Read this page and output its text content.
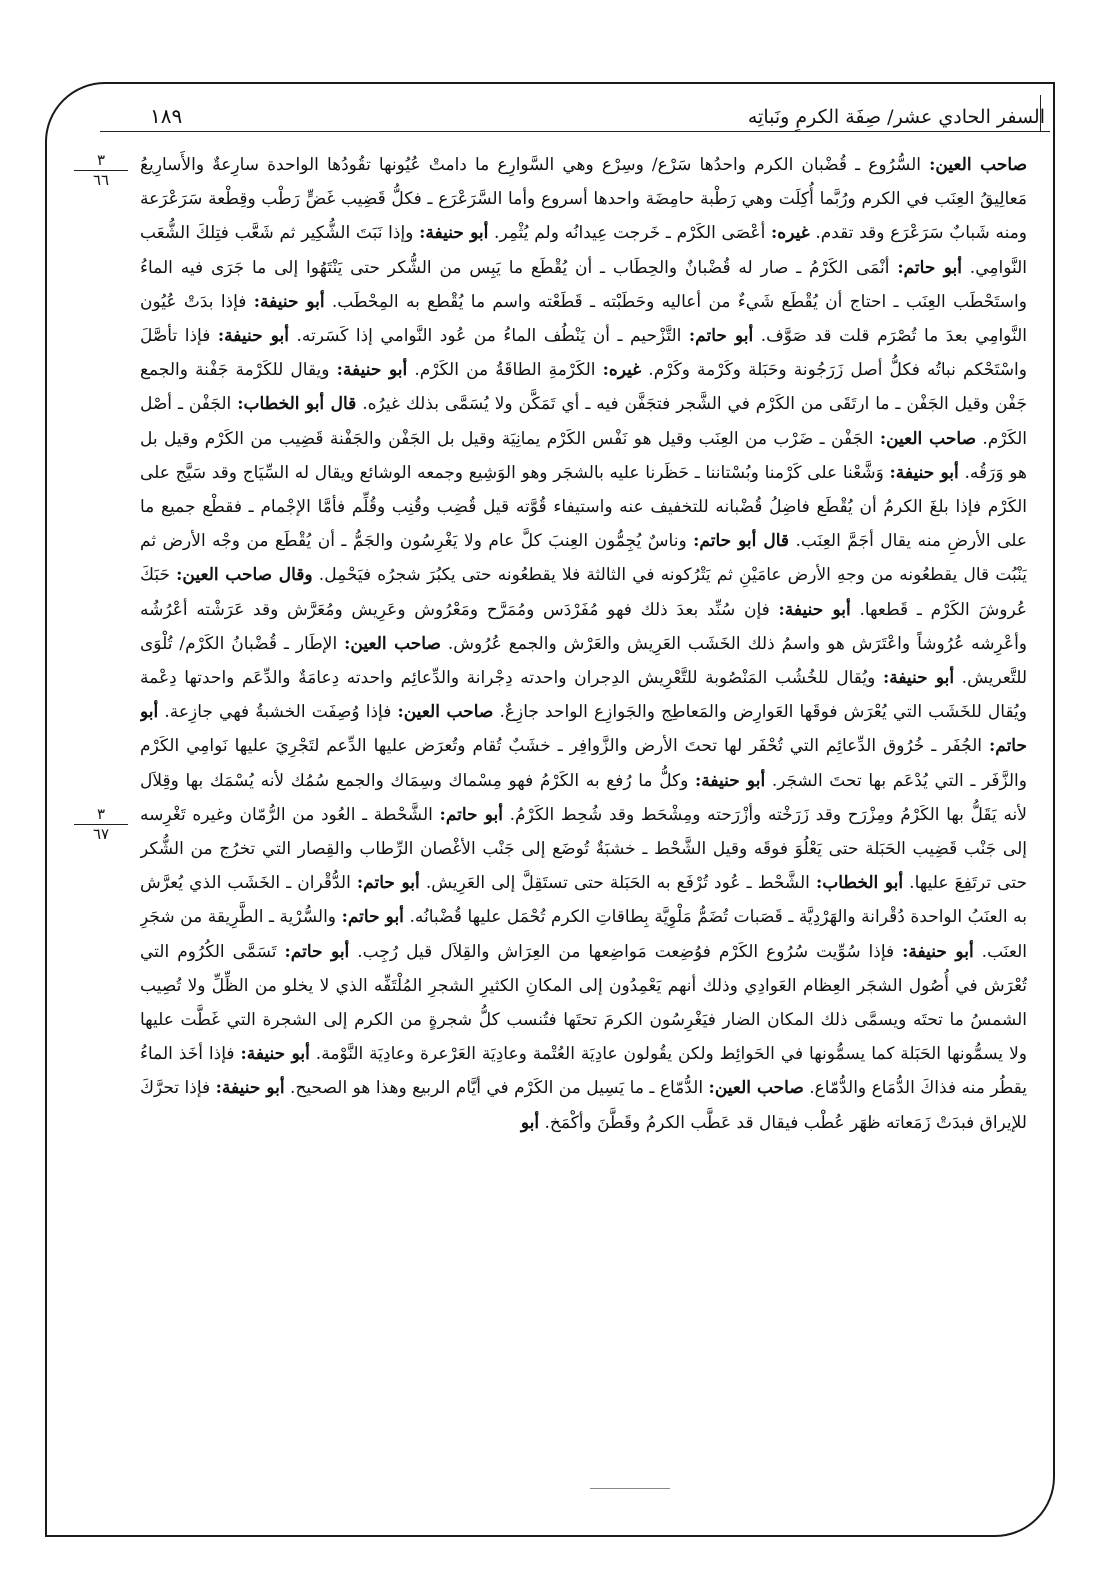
١٨٩	السفر الحادي عشر/ صِفَة الكرمِ ونَباتِه
٣
٦٦
٣
٦٧

صاحب العين: السُّرُوع ـ قُضْبان الكرم واحدُها سَرْع/ وسِرْع وهي السَّوارِع ما دامتْ عُيُونها تقُودُها الواحدة سارِعةٌ والأَسارِيعُ مَعالِيقُ العِنَب في الكرم ورُبَّما أُكِلَت وهي رَطْبة حامِضَة واحدها أسروع وأما السَّرَعْرَع ـ فكلُّ قَضِيب غَضٍّ رَطْب وقِطْعة سَرَعْرَعة ومنه شَبابٌ سَرَعْرَع وقد تقدم. غيره: أعْصَى الكَرْم ـ خَرجت عِيدانُه ولم يُثْمِر. أبو حنيفة: وإذا نَبَتَ الشُّكِير ثم شَعَّب فتِلكَ الشُّعَب النَّوامِي. أبو حاتم: أنْمَى الكَرْمُ ـ صار له قُضْبانٌ والحِطَاب ـ أن يُقْطَع ما يَبِس من الشُّكر حتى يَنْتَهُوا إلى ما جَرَى فيه الماءُ واستَحْطَب العِنَب ـ احتاج أن يُقْطَع شَيءٌ من أعاليه وحَطَبْته ـ قَطَعْته واسم ما يُقْطع به المِحْطَب. أبو حنيفة: فإذا بدَتْ عُيُون النَّوامِي بعدَ ما تُصْرَم قلت قد صَوَّف. أبو حاتم: التَّزْحيم ـ أن يَنْطُف الماءُ من عُود النَّوامي إذا كَسَرته. أبو حنيفة: فإذا تأصَّلَ واسْتَحْكم نباتُه فكلُّ أصل زَرَجُونة وحَبَلة وكَرْمة وكَرْم. غيره: الكَرْمةِ الطاقَةُ من الكَرْم. أبو حنيفة: ويقال للكَرْمة جَفْنة والجمع جَفْن وقيل الجَفْن ـ ما ارتَقَى من الكَرْم في الشَّجر فتجَفَّن فيه ـ أي تَمَكَّن ولا يُسَمَّى بذلك غيرُه. قال أبو الخطاب: الجَفْن ـ أصْل الكَرْم. صاحب العين: الجَفْن ـ ضَرْب من العِنَب وقيل هو نَفْس الكَرْم يمانِيَة وقيل بل الجَفْن والجَفْنة قَضِيب من الكَرْم وقيل بل هو وَرَقُه. أبو حنيفة: وَشَّعْنا على كَرْمنا وبُسْتاننا ـ حَظَرنا عليه بالشجَر وهو الوَشِيع وجمعه الوشائع ويقال له السِّيَاج وقد سَيَّج على الكَرْم فإذا بلغَ الكرمُ أن يُقْطَع فاضِلُ قُضْبانه للتخفيف عنه واستيفاء قُوَّته قيل قُضِب وقُنِب وقُلِّم فأمَّا الإجْمام ـ فقطْع جميع ما على الأرضِ منه يقال أجَمَّ العِنَب. قال أبو حاتم: وناسٌ يُجِمُّون العِنبَ كلَّ عام ولا يَغْرِسُون والجَمُّ ـ أن يُقْطَع من وجْه الأرض ثم يَنْبُت قال يقطعُونه من وجهِ الأرض عامَيْنِ ثم يَتْرُكونه في الثالثة فلا يقطعُونه حتى يكبُرَ شجرُه فيَحْمِل. وقال صاحب العين: حَبَكَ عُروشَ الكَرْم ـ قَطعها. أبو حنيفة: فإن سُنِّد بعدَ ذلك فهو مُفَرْدَس ومُمَرَّح ومَعْرُوش وعَرِيش ومُعَرَّش وقد عَرَشْته أعْرُشُه وأعْرِشه عُرُوشاً واعْتَرَش هو واسمُ ذلك الخَشَب العَرِيش والعَرْش والجمع عُرُوش. صاحب العين: الإطَار ـ قُضْبانُ الكَرْم/ تُلْوَى للتَّعريش. أبو حنيفة: ويُقال للخُشُب المَنْصُوبة للتَّعْرِيش الدِجران واحدته دِجْرانة والدِّعائِم واحدته دِعامَةٌ والدِّعَم واحدتها دِعْمة ويُقال للخَشَب التي يُعْرَش فوقَها العَوارِض والمَعاطِج والجَوازِع الواحد جازِعٌ. صاحب العين: فإذا وُصِفَت الخشبةُ فهي جازِعة. أبو حاتم: الجُفَر ـ خُرُوق الدِّعائِم التي تُحْفَر لها تحتَ الأرض والزَّوافِر ـ خشَبٌ تُقام وتُعرَض عليها الدِّعم لتَجْرِيَ عليها نَوامِي الكَرْم والزَّفَر ـ التي يُدْعَم بها تحتَ الشجَر. أبو حنيفة: وكلُّ ما رُفع به الكَرْمُ فهو مِسْماك وسِمَاك والجمع سُمُك لأنه يُسْمَك بها وقِلاَل لأنه يَقَلُّ بها الكَرْمُ ومِزْرَح وقد زَرَخْته وأزْرَحته ومِشْحَط وقد شُحِط الكَرْمُ. أبو حاتم: الشَّحْطة ـ العُود من الرُّمّان وغيره تَغْرِسه إلى جَنْب قَضِيب الحَبَلة حتى يَعْلُوَ فوقَه وقيل الشَّحْط ـ خشبَةٌ تُوضَع إلى جَنْب الأغْصان الرِّطاب والقِصار التي تخرُج من الشُّكر حتى ترتَفِعَ عليها. أبو الخطاب: الشَّحْط ـ عُود تُرْفَع به الحَبَلة حتى تستَقِلَّ إلى العَرِيش. أبو حاتم: الدُّقْران ـ الخَشَب الذي يُعرَّش به العنَبُ الواحدة دُقْرانة والهَرْدِيَّة ـ قَصَبات تُضَمُّ مَلْوِيَّة بِطاقاتِ الكرم تُحْمَل عليها قُضْبانُه. أبو حاتم: والسُّرْية ـ الطَّرِيقة من شجَرِ العنَب. أبو حنيفة: فإذا سُوِّيت سُرُوع الكَرْم فوُضِعت مَواضِعها من العِرَاش والقِلاَل قيل رُجِب. أبو حاتم: تَسَمَّى الكُرُوم التي تُعْرَش في أُصُول الشجَر العِظام العَوادِي وذلك أنهم يَعْمِدُون إلى المكانِ الكثيرِ الشجرِ المُلْتَفِّه الذي لا يخلو من الظِّلِّ ولا تُصِيب الشمسُ ما تحتَه ويسمَّى ذلك المكان الضار فيَغْرِسُون الكرمَ تحتَها فتُنسب كلُّ شجرةٍ من الكرم إلى الشجرة التي غَطَّت عليها ولا يسمُّونها الحَبَلة كما يسمُّونها في الحَوائِط ولكن يقُولون عادِيَة العُتْمة وعادِيَة العَرْعرة وعادِيَة النَّوْمة. أبو حنيفة: فإذا أخَذ الماءُ يقطُر منه فذاكَ الدُّمَاع والدُّمّاع. صاحب العين: الدُّمّاع ـ ما يَسِيل من الكَرْم في أيَّام الربيع وهذا هو الصحيح. أبو حنيفة: فإذا تحرَّكَ للإيراق فبدَتْ زَمَعاته ظهَر عُطْب فيقال قد عَطَّب الكرمُ وقَطَّنَ وأكْمَخ. أبو
